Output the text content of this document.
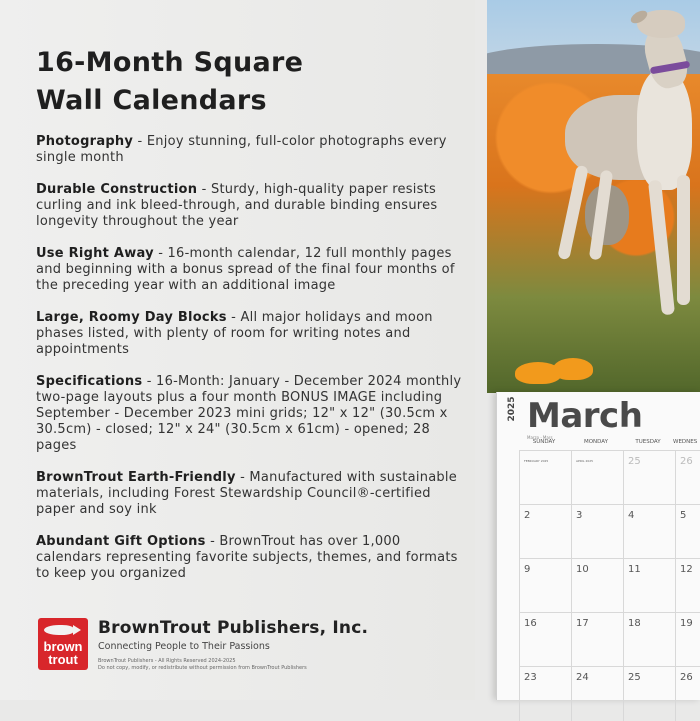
16-Month Square
Wall Calendars
Photography - Enjoy stunning, full-color photographs every single month
Durable Construction - Sturdy, high-quality paper resists curling and ink bleed-through, and durable binding ensures longevity throughout the year
Use Right Away - 16-month calendar, 12 full monthly pages and beginning with a bonus spread of the final four months of the preceding year with an additional image
Large, Roomy Day Blocks - All major holidays and moon phases listed, with plenty of room for writing notes and appointments
Specifications - 16-Month: January - December 2024 monthly two-page layouts plus a four month BONUS IMAGE including September - December 2023 mini grids; 12" x 12" (30.5cm x 30.5cm) - closed; 12" x 24" (30.5cm x 61cm) - opened; 28 pages
BrownTrout Earth-Friendly - Manufactured with sustainable materials, including Forest Stewardship Council®-certified paper and soy ink
Abundant Gift Options - BrownTrout has over 1,000 calendars representing favorite subjects, themes, and formats to keep you organized
brown
trout
BrownTrout Publishers, Inc.
Connecting People to Their Passions
BrownTrout Publishers - All Rights Reserved 2024-2025
Do not copy, modify, or redistribute without permission from BrownTrout Publishers
2025 March
Marzo · Mars
SUNDAY	MONDAY	TUESDAY	WEDNES
FEBRUARY 2025	APRIL 2025	25	26
2	3	4	5
9	10	11	12
16	17	18	19
23	24	25	26
